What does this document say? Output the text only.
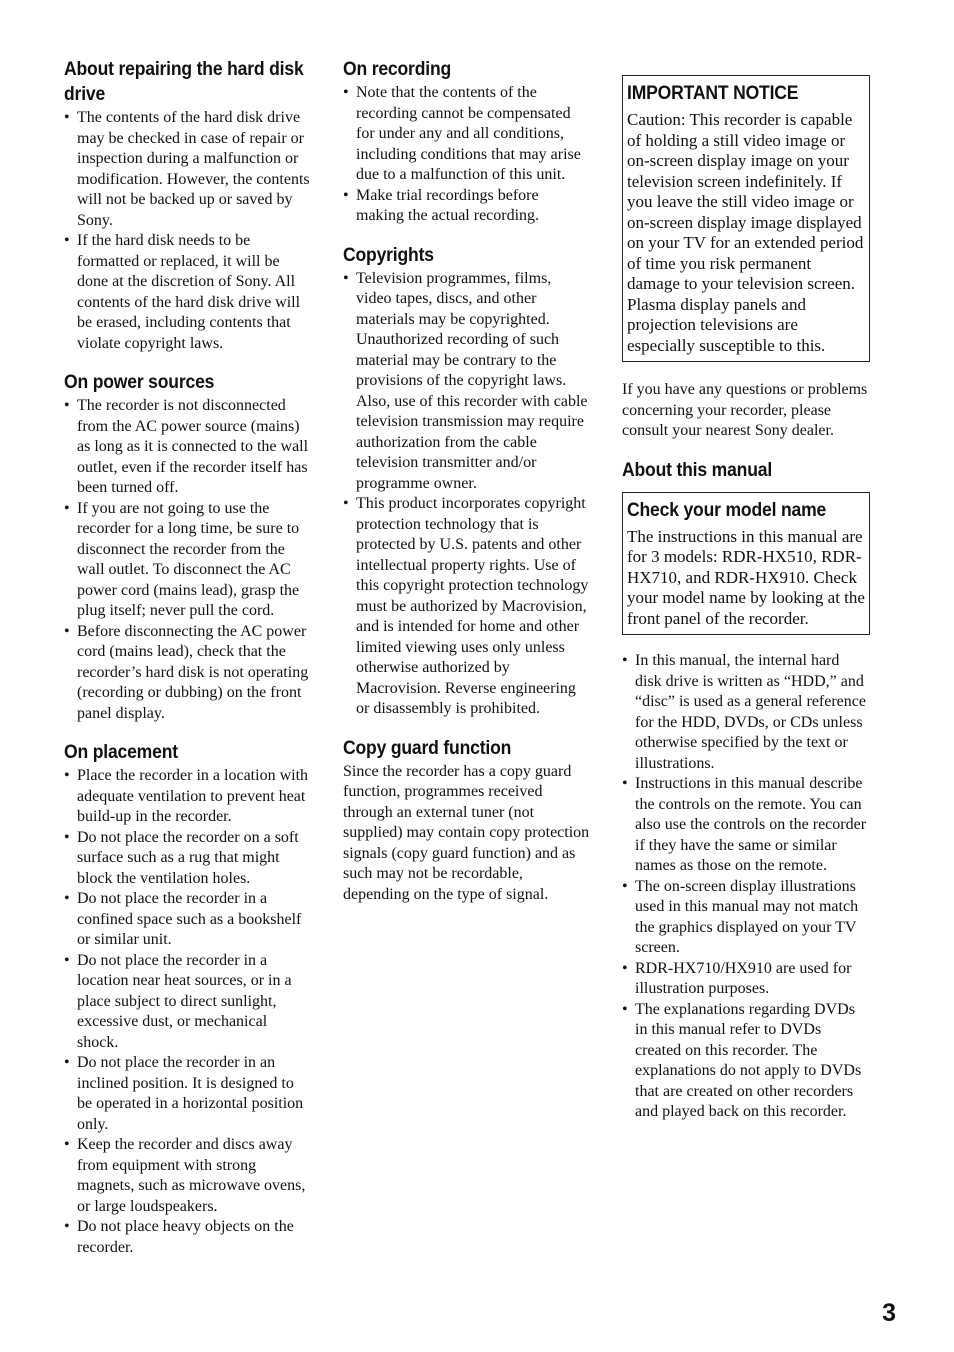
About repairing the hard disk drive
• The contents of the hard disk drive may be checked in case of repair or inspection during a malfunction or modification. However, the contents will not be backed up or saved by Sony.
• If the hard disk needs to be formatted or replaced, it will be done at the discretion of Sony. All contents of the hard disk drive will be erased, including contents that violate copyright laws.
On power sources
• The recorder is not disconnected from the AC power source (mains) as long as it is connected to the wall outlet, even if the recorder itself has been turned off.
• If you are not going to use the recorder for a long time, be sure to disconnect the recorder from the wall outlet. To disconnect the AC power cord (mains lead), grasp the plug itself; never pull the cord.
• Before disconnecting the AC power cord (mains lead), check that the recorder’s hard disk is not operating (recording or dubbing) on the front panel display.
On placement
• Place the recorder in a location with adequate ventilation to prevent heat build-up in the recorder.
• Do not place the recorder on a soft surface such as a rug that might block the ventilation holes.
• Do not place the recorder in a confined space such as a bookshelf or similar unit.
• Do not place the recorder in a location near heat sources, or in a place subject to direct sunlight, excessive dust, or mechanical shock.
• Do not place the recorder in an inclined position. It is designed to be operated in a horizontal position only.
• Keep the recorder and discs away from equipment with strong magnets, such as microwave ovens, or large loudspeakers.
• Do not place heavy objects on the recorder.
On recording
• Note that the contents of the recording cannot be compensated for under any and all conditions, including conditions that may arise due to a malfunction of this unit.
• Make trial recordings before making the actual recording.
Copyrights
• Television programmes, films, video tapes, discs, and other materials may be copyrighted. Unauthorized recording of such material may be contrary to the provisions of the copyright laws. Also, use of this recorder with cable television transmission may require authorization from the cable television transmitter and/or programme owner.
• This product incorporates copyright protection technology that is protected by U.S. patents and other intellectual property rights. Use of this copyright protection technology must be authorized by Macrovision, and is intended for home and other limited viewing uses only unless otherwise authorized by Macrovision. Reverse engineering or disassembly is prohibited.
Copy guard function

Since the recorder has a copy guard function, programmes received through an external tuner (not supplied) may contain copy protection signals (copy guard function) and as such may not be recordable, depending on the type of signal.

IMPORTANT NOTICE

Caution: This recorder is capable of holding a still video image or on-screen display image on your television screen indefinitely. If you leave the still video image or on-screen display image displayed on your TV for an extended period of time you risk permanent damage to your television screen. Plasma display panels and projection televisions are especially susceptible to this.

If you have any questions or problems concerning your recorder, please consult your nearest Sony dealer.

About this manual
Check your model name

The instructions in this manual are for 3 models: RDR-HX510, RDR-HX710, and RDR-HX910. Check your model name by looking at the front panel of the recorder.

• In this manual, the internal hard disk drive is written as “HDD,” and “disc” is used as a general reference for the HDD, DVDs, or CDs unless otherwise specified by the text or illustrations.
• Instructions in this manual describe the controls on the remote. You can also use the controls on the recorder if they have the same or similar names as those on the remote.
• The on-screen display illustrations used in this manual may not match the graphics displayed on your TV screen.
• RDR-HX710/HX910 are used for illustration purposes.
• The explanations regarding DVDs in this manual refer to DVDs created on this recorder. The explanations do not apply to DVDs that are created on other recorders and played back on this recorder.
3
